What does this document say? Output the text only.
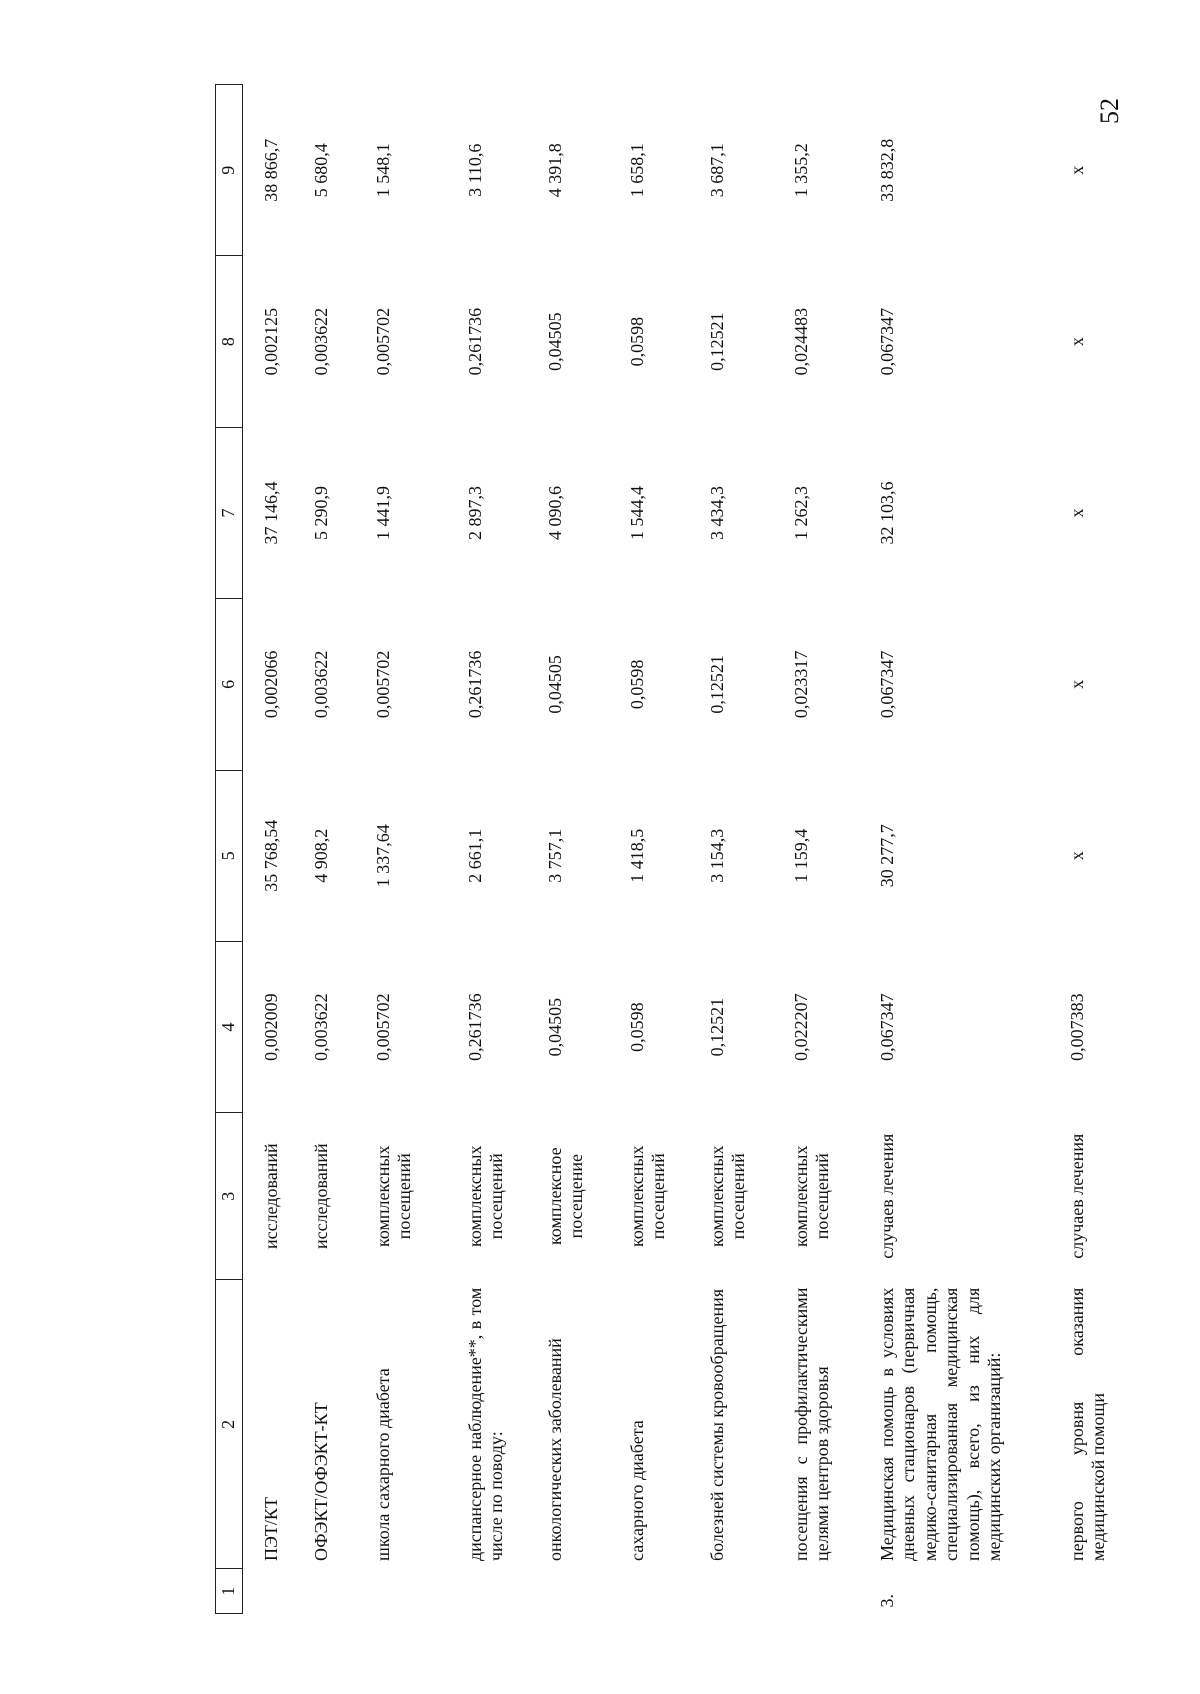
52
1	2	3	4	5	6	7	8	9
	ПЭТ/КТ	исследований	0,002009	35 768,54	0,002066	37 146,4	0,002125	38 866,7
	ОФЭКТ/ОФЭКТ-КТ	исследований	0,003622	4 908,2	0,003622	5 290,9	0,003622	5 680,4
	школа сахарного диабета	комплексных посещений	0,005702	1 337,64	0,005702	1 441,9	0,005702	1 548,1
	диспансерное наблюдение**, в том числе по поводу:	комплексных посещений	0,261736	2 661,1	0,261736	2 897,3	0,261736	3 110,6
	онкологических заболеваний	комплексное посещение	0,04505	3 757,1	0,04505	4 090,6	0,04505	4 391,8
	сахарного диабета	комплексных посещений	0,0598	1 418,5	0,0598	1 544,4	0,0598	1 658,1
	болезней системы кровообращения	комплексных посещений	0,12521	3 154,3	0,12521	3 434,3	0,12521	3 687,1
	посещения с профилактическими целями центров здоровья	комплексных посещений	0,022207	1 159,4	0,023317	1 262,3	0,024483	1 355,2
3.	Медицинская помощь в условиях дневных стационаров (первичная медико-санитарная помощь, специализированная медицинская помощь), всего, из них для медицинских организаций:	случаев лечения	0,067347	30 277,7	0,067347	32 103,6	0,067347	33 832,8
	первого уровня оказания медицинской помощи	случаев лечения	0,007383	х	х	х	х	х
